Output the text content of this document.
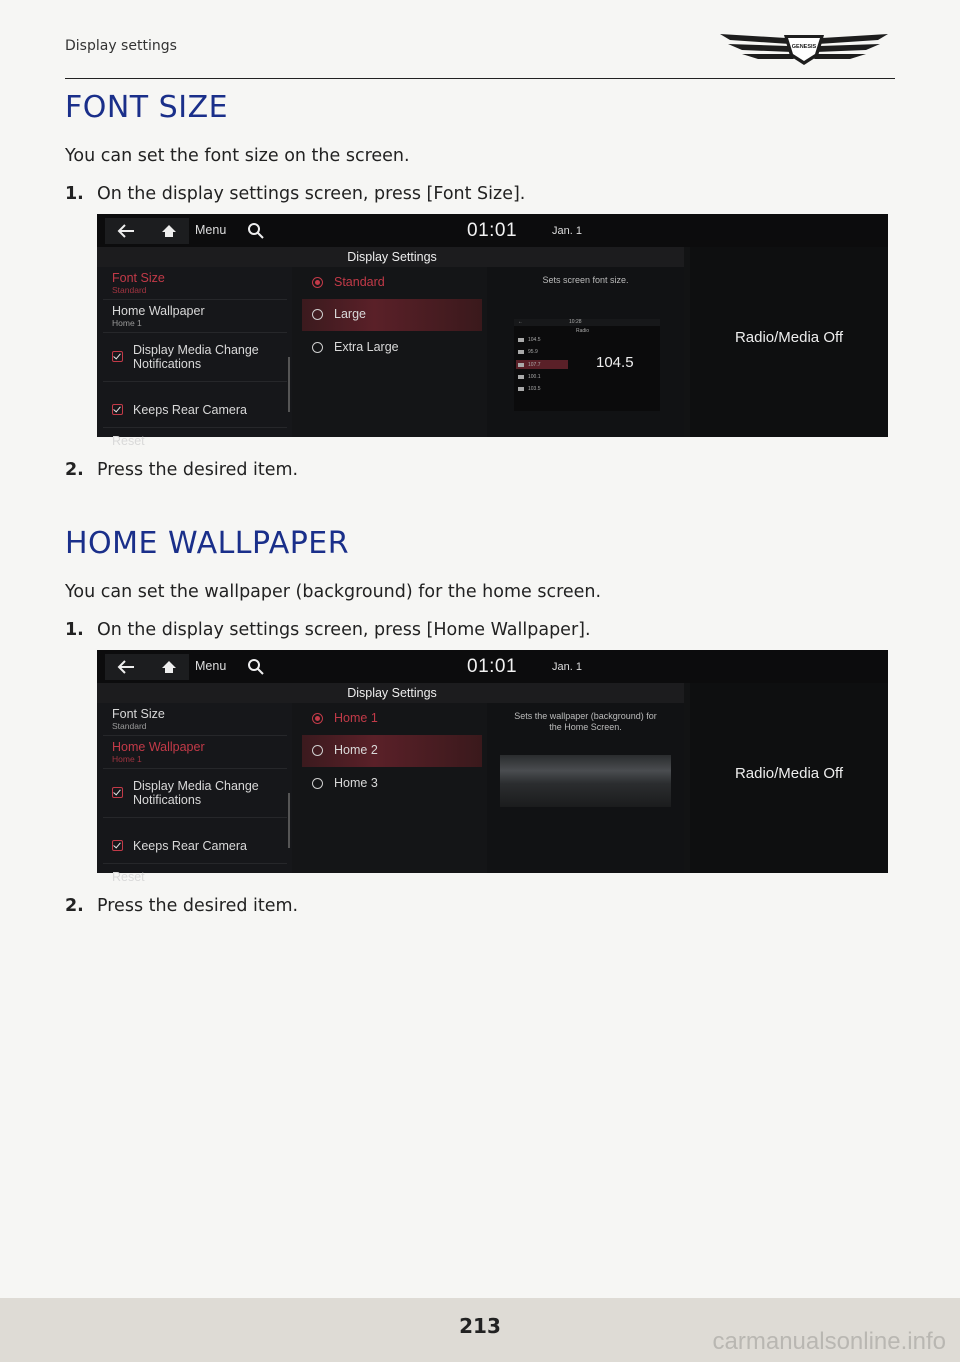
Display settings	GENESIS
FONT SIZE
You can set the font size on the screen.
1. On the display settings screen, press [Font Size].
Menu	01:01	Jan. 1
Display Settings
Font Size
Standard
Home Wallpaper
Home 1
Display Media Change
Notifications
Keeps Rear Camera
Reset
Standard
Large
Extra Large
Sets screen font size.
←	10:28
Radio
104.5
95.9
107.7
100.1
103.5
104.5
Radio/Media Off
2. Press the desired item.
HOME WALLPAPER
You can set the wallpaper (background) for the home screen.
1. On the display settings screen, press [Home Wallpaper].
Menu	01:01	Jan. 1
Display Settings
Font Size
Standard
Home Wallpaper
Home 1
Display Media Change
Notifications
Keeps Rear Camera
Reset
Home 1
Home 2
Home 3
Sets the wallpaper (background) for
the Home Screen.
Radio/Media Off
2. Press the desired item.
213
carmanualsonline.info
